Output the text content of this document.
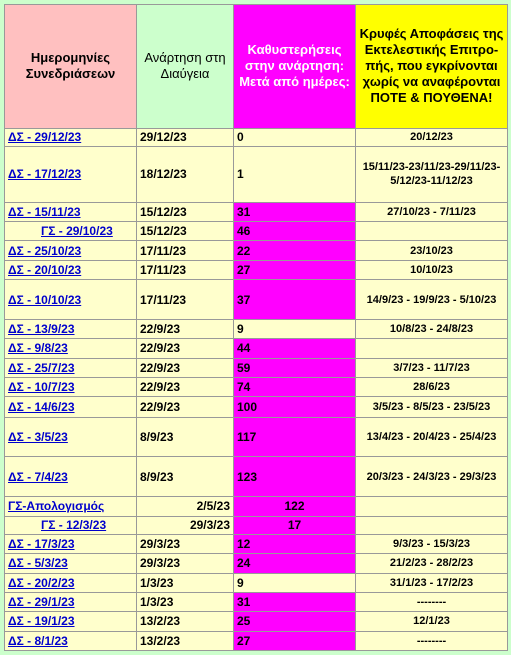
Ημερομηνίες Συνεδριάσεων	Ανάρτηση στη Διαύγεια	Καθυστερήσεις στην ανάρτηση: Μετά από ημέρες:	Κρυφές Αποφάσεις της Εκτελεστικής Επιτρο-πής, που εγκρίνονται χωρίς να αναφέρονται ΠΟΤΕ & ΠΟΥΘΕΝΑ!
ΔΣ - 29/12/23	29/12/23	0	20/12/23
ΔΣ - 17/12/23	18/12/23	1	15/11/23-23/11/23-29/11/23-5/12/23-11/12/23
ΔΣ - 15/11/23	15/12/23	31	27/10/23 - 7/11/23
ΓΣ - 29/10/23	15/12/23	46	
ΔΣ - 25/10/23	17/11/23	22	23/10/23
ΔΣ - 20/10/23	17/11/23	27	10/10/23
ΔΣ - 10/10/23	17/11/23	37	14/9/23 - 19/9/23 - 5/10/23
ΔΣ - 13/9/23	22/9/23	9	10/8/23 - 24/8/23
ΔΣ - 9/8/23	22/9/23	44	
ΔΣ - 25/7/23	22/9/23	59	3/7/23 - 11/7/23
ΔΣ - 10/7/23	22/9/23	74	28/6/23
ΔΣ - 14/6/23	22/9/23	100	3/5/23 - 8/5/23 - 23/5/23
ΔΣ - 3/5/23	8/9/23	117	13/4/23 - 20/4/23 - 25/4/23
ΔΣ - 7/4/23	8/9/23	123	20/3/23 - 24/3/23 - 29/3/23
ΓΣ-Απολογισμός	2/5/23	122	
ΓΣ - 12/3/23	29/3/23	17	
ΔΣ - 17/3/23	29/3/23	12	9/3/23 - 15/3/23
ΔΣ - 5/3/23	29/3/23	24	21/2/23 - 28/2/23
ΔΣ - 20/2/23	1/3/23	9	31/1/23 - 17/2/23
ΔΣ - 29/1/23	1/3/23	31	--------
ΔΣ - 19/1/23	13/2/23	25	12/1/23
ΔΣ - 8/1/23	13/2/23	27	--------
